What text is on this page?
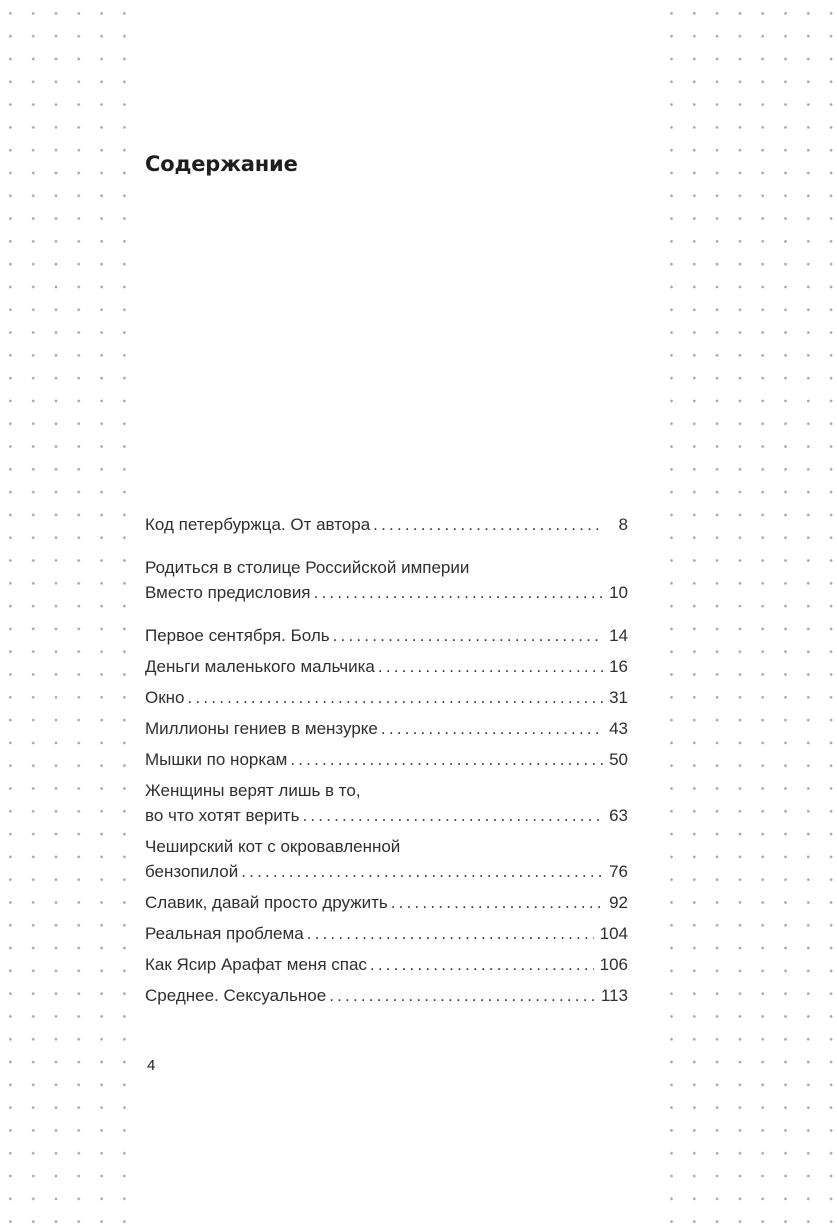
Содержание
Код петербуржца. От автора .....	8
Родиться в столице Российской империи
Вместо предисловия .....	10
Первое сентября. Боль .....	14
Деньги маленького мальчика .....	16
Окно .....	31
Миллионы гениев в мензурке .....	43
Мышки по норкам .....	50
Женщины верят лишь в то,
во что хотят верить .....	63
Чеширский кот с окровавленной
бензопилой .....	76
Славик, давай просто дружить .....	92
Реальная проблема .....	104
Как Ясир Арафат меня спас .....	106
Среднее. Сексуальное .....	113

4
